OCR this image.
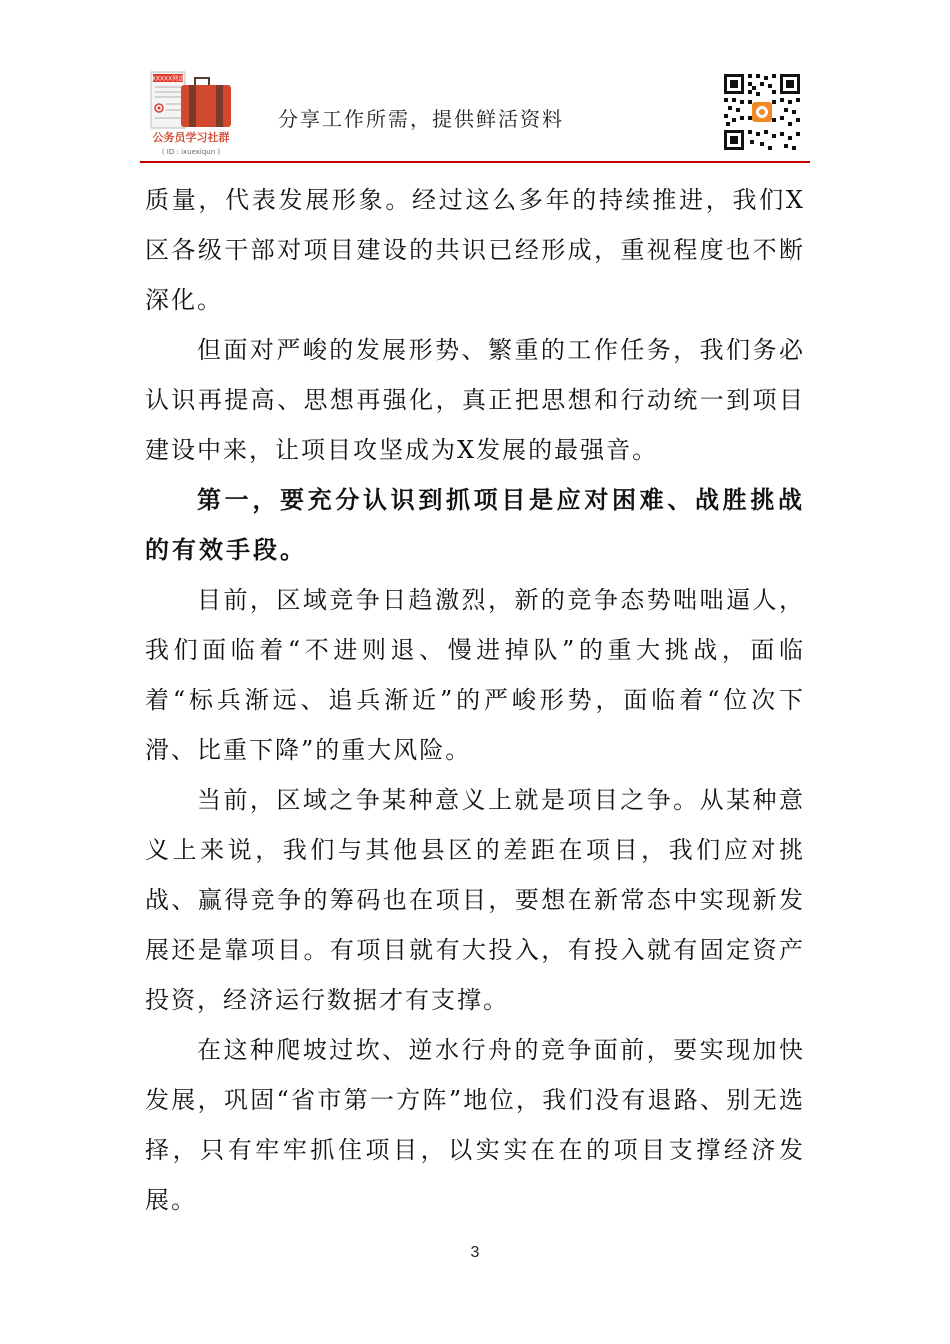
XXXXX网盘
公务员学习社群
( ID : ixuexiqun )
分享工作所需，提供鲜活资料

质量，代表发展形象。经过这么多年的持续推进，我们X区各级干部对项目建设的共识已经形成，重视程度也不断深化。

但面对严峻的发展形势、繁重的工作任务，我们务必认识再提高、思想再强化，真正把思想和行动统一到项目建设中来，让项目攻坚成为X发展的最强音。

第一，要充分认识到抓项目是应对困难、战胜挑战的有效手段。

目前，区域竞争日趋激烈，新的竞争态势咄咄逼人，我们面临着“不进则退、慢进掉队”的重大挑战，面临着“标兵渐远、追兵渐近”的严峻形势，面临着“位次下滑、比重下降”的重大风险。

当前，区域之争某种意义上就是项目之争。从某种意义上来说，我们与其他县区的差距在项目，我们应对挑战、赢得竞争的筹码也在项目，要想在新常态中实现新发展还是靠项目。有项目就有大投入，有投入就有固定资产投资，经济运行数据才有支撑。

在这种爬坡过坎、逆水行舟的竞争面前，要实现加快发展，巩固“省市第一方阵”地位，我们没有退路、别无选择，只有牢牢抓住项目，以实实在在的项目支撑经济发展。

3
